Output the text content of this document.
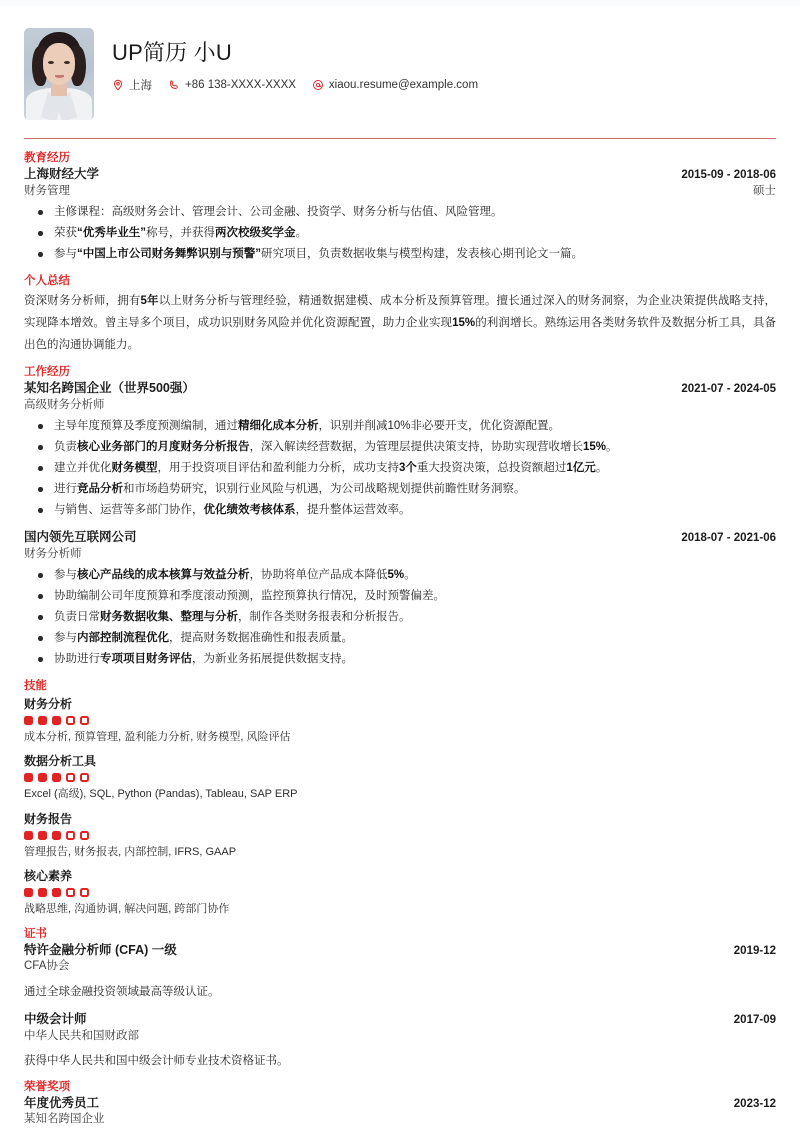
UP简历 小U
上海	+86 138-XXXX-XXXX	xiaou.resume@example.com
教育经历
上海财经大学	2015-09 - 2018-06
财务管理	硕士
主修课程：高级财务会计、管理会计、公司金融、投资学、财务分析与估值、风险管理。
荣获“优秀毕业生”称号，并获得两次校级奖学金。
参与“中国上市公司财务舞弊识别与预警”研究项目，负责数据收集与模型构建，发表核心期刊论文一篇。
个人总结
资深财务分析师，拥有5年以上财务分析与管理经验，精通数据建模、成本分析及预算管理。擅长通过深入的财务洞察，为企业决策提供战略支持，实现降本增效。曾主导多个项目，成功识别财务风险并优化资源配置，助力企业实现15%的利润增长。熟练运用各类财务软件及数据分析工具，具备出色的沟通协调能力。
工作经历
某知名跨国企业（世界500强）	2021-07 - 2024-05
高级财务分析师
主导年度预算及季度预测编制，通过精细化成本分析，识别并削减10%非必要开支，优化资源配置。
负责核心业务部门的月度财务分析报告，深入解读经营数据，为管理层提供决策支持，协助实现营收增长15%。
建立并优化财务模型，用于投资项目评估和盈利能力分析，成功支持3个重大投资决策，总投资额超过1亿元。
进行竞品分析和市场趋势研究，识别行业风险与机遇，为公司战略规划提供前瞻性财务洞察。
与销售、运营等多部门协作，优化绩效考核体系，提升整体运营效率。
国内领先互联网公司	2018-07 - 2021-06
财务分析师
参与核心产品线的成本核算与效益分析，协助将单位产品成本降低5%。
协助编制公司年度预算和季度滚动预测，监控预算执行情况，及时预警偏差。
负责日常财务数据收集、整理与分析，制作各类财务报表和分析报告。
参与内部控制流程优化，提高财务数据准确性和报表质量。
协助进行专项项目财务评估，为新业务拓展提供数据支持。
技能
财务分析
成本分析, 预算管理, 盈利能力分析, 财务模型, 风险评估
数据分析工具
Excel (高级), SQL, Python (Pandas), Tableau, SAP ERP
财务报告
管理报告, 财务报表, 内部控制, IFRS, GAAP
核心素养
战略思维, 沟通协调, 解决问题, 跨部门协作
证书
特许金融分析师 (CFA) 一级	2019-12
CFA协会
通过全球金融投资领域最高等级认证。
中级会计师	2017-09
中华人民共和国财政部
获得中华人民共和国中级会计师专业技术资格证书。
荣誉奖项
年度优秀员工	2023-12
某知名跨国企业
